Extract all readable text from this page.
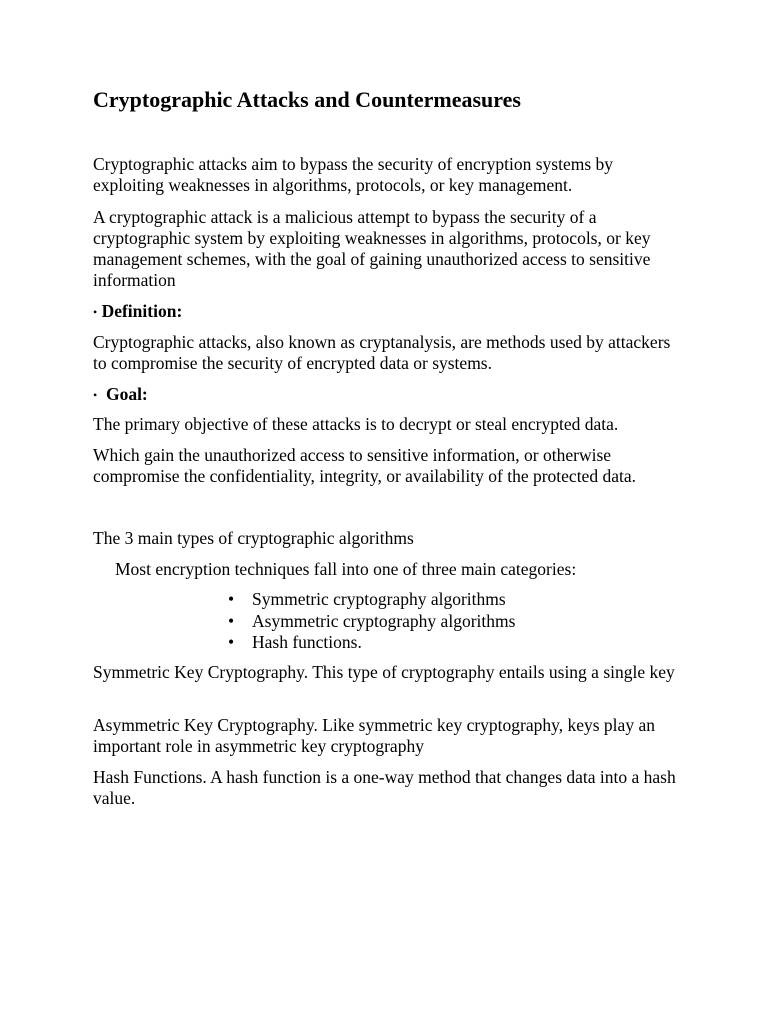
Cryptographic Attacks and Countermeasures

Cryptographic attacks aim to bypass the security of encryption systems by exploiting weaknesses in algorithms, protocols, or key management.

A cryptographic attack is a malicious attempt to bypass the security of a cryptographic system by exploiting weaknesses in algorithms, protocols, or key management schemes, with the goal of gaining unauthorized access to sensitive information

• Definition:

Cryptographic attacks, also known as cryptanalysis, are methods used by attackers to compromise the security of encrypted data or systems.

• Goal:

The primary objective of these attacks is to decrypt or steal encrypted data.

Which gain the unauthorized access to sensitive information, or otherwise compromise the confidentiality, integrity, or availability of the protected data.

The 3 main types of cryptographic algorithms

Most encryption techniques fall into one of three main categories:

• Symmetric cryptography algorithms
• Asymmetric cryptography algorithms
• Hash functions.

Symmetric Key Cryptography. This type of cryptography entails using a single key

Asymmetric Key Cryptography. Like symmetric key cryptography, keys play an important role in asymmetric key cryptography

Hash Functions. A hash function is a one-way method that changes data into a hash value.
